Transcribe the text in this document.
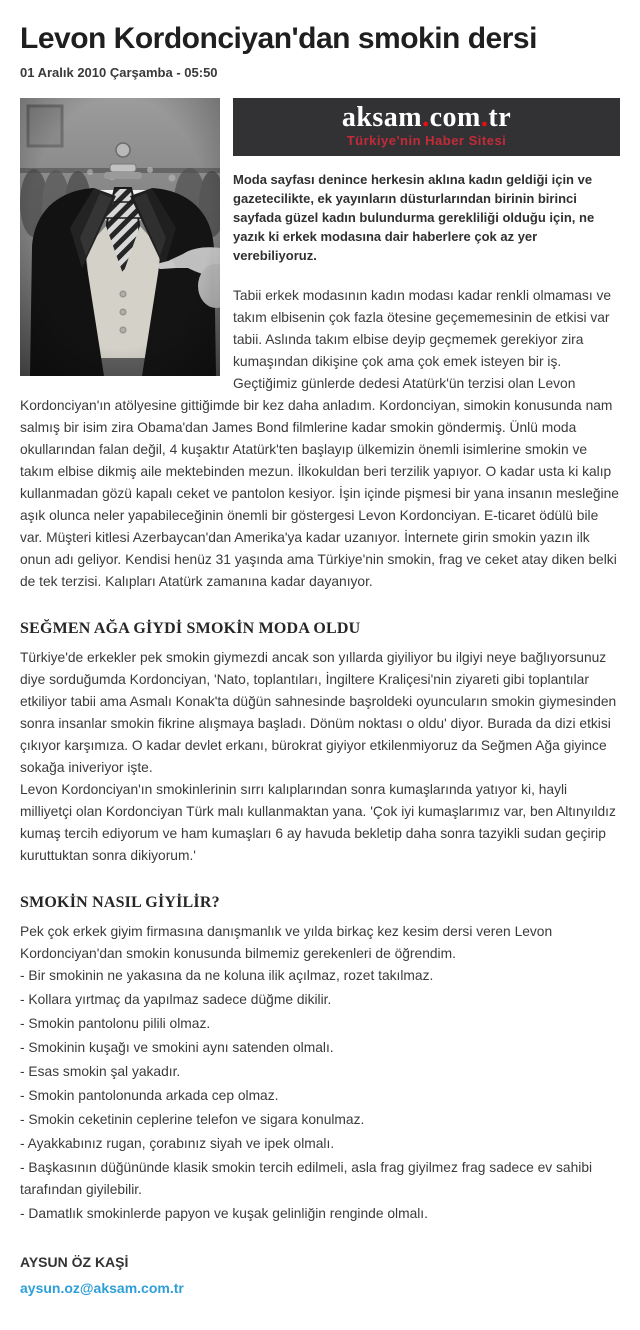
Levon Kordonciyan'dan smokin dersi
01 Aralık 2010 Çarşamba - 05:50
aksam.com.tr
Türkiye'nin Haber Sitesi

Moda sayfası denince herkesin aklına kadın geldiği için ve gazetecilikte, ek yayınların düsturlarından birinin birinci sayfada güzel kadın bulundurma gerekliliği olduğu için, ne yazık ki erkek modasına dair haberlere çok az yer verebiliyoruz.

Tabii erkek modasının kadın modası kadar renkli olmaması ve takım elbisenin çok fazla ötesine geçememesinin de etkisi var tabii. Aslında takım elbise deyip geçmemek gerekiyor zira kumaşından dikişine çok ama çok emek isteyen bir iş. Geçtiğimiz günlerde dedesi Atatürk'ün terzisi olan Levon Kordonciyan'ın atölyesine gittiğimde bir kez daha anladım. Kordonciyan, simokin konusunda nam salmış bir isim zira Obama'dan James Bond filmlerine kadar smokin göndermiş. Ünlü moda okullarından falan değil, 4 kuşaktır Atatürk'ten başlayıp ülkemizin önemli isimlerine smokin ve takım elbise dikmiş aile mektebinden mezun. İlkokuldan beri terzilik yapıyor. O kadar usta ki kalıp kullanmadan gözü kapalı ceket ve pantolon kesiyor. İşin içinde pişmesi bir yana insanın mesleğine aşık olunca neler yapabileceğinin önemli bir göstergesi Levon Kordonciyan. E-ticaret ödülü bile var. Müşteri kitlesi Azerbaycan'dan Amerika'ya kadar uzanıyor. İnternete girin smokin yazın ilk onun adı geliyor. Kendisi henüz 31 yaşında ama Türkiye'nin smokin, frag ve ceket atay diken belki de tek terzisi. Kalıpları Atatürk zamanına kadar dayanıyor.

SEĞMEN AĞA GİYDİ SMOKİN MODA OLDU

Türkiye'de erkekler pek smokin giymezdi ancak son yıllarda giyiliyor bu ilgiyi neye bağlıyorsunuz diye sorduğumda Kordonciyan, 'Nato, toplantıları, İngiltere Kraliçesi'nin ziyareti gibi toplantılar etkiliyor tabii ama Asmalı Konak'ta düğün sahnesinde başroldeki oyuncuların smokin giymesinden sonra insanlar smokin fikrine alışmaya başladı. Dönüm noktası o oldu' diyor. Burada da dizi etkisi çıkıyor karşımıza. O kadar devlet erkanı, bürokrat giyiyor etkilenmiyoruz da Seğmen Ağa giyince sokağa iniveriyor işte.

Levon Kordonciyan'ın smokinlerinin sırrı kalıplarından sonra kumaşlarında yatıyor ki, hayli milliyetçi olan Kordonciyan Türk malı kullanmaktan yana. 'Çok iyi kumaşlarımız var, ben Altınyıldız kumaş tercih ediyorum ve ham kumaşları 6 ay havuda bekletip daha sonra tazyikli sudan geçirip kuruttuktan sonra dikiyorum.'

SMOKİN NASIL GİYİLİR?

Pek çok erkek giyim firmasına danışmanlık ve yılda birkaç kez kesim dersi veren Levon Kordonciyan'dan smokin konusunda bilmemiz gerekenleri de öğrendim.

- Bir smokinin ne yakasına da ne koluna ilik açılmaz, rozet takılmaz.
- Kollara yırtmaç da yapılmaz sadece düğme dikilir.
- Smokin pantolonu pilili olmaz.
- Smokinin kuşağı ve smokini aynı satenden olmalı.
- Esas smokin şal yakadır.
- Smokin pantolonunda arkada cep olmaz.
- Smokin ceketinin ceplerine telefon ve sigara konulmaz.
- Ayakkabınız rugan, çorabınız siyah ve ipek olmalı.
- Başkasının düğününde klasik smokin tercih edilmeli, asla frag giyilmez frag sadece ev sahibi tarafından giyilebilir.
- Damatlık smokinlerde papyon ve kuşak gelinliğin renginde olmalı.

AYSUN ÖZ KAŞİ

aysun.oz@aksam.com.tr
